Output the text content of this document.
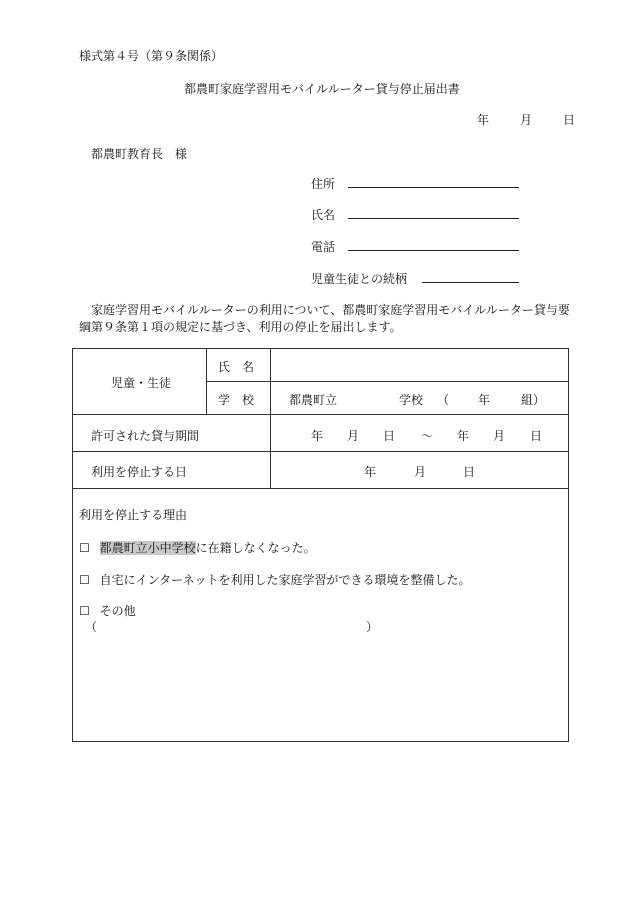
様式第４号（第９条関係）
都農町家庭学習用モバイルルーター貸与停止届出書
年	月	日
都農町教育長　様
住所
氏名
電話
児童生徒との続柄
家庭学習用モバイルルーターの利用について、都農町家庭学習用モバイルルーター貸与要
綱第９条第１項の規定に基づき、利用の停止を届出します。
児童・生徒
氏　名
学　校	都農町立	学校 （ 年	組）
許可された貸与期間	年 月 日 〜 年 月 日
利用を停止する日	年	月	日
利用を停止する理由
☐ 都農町立小中学校に在籍しなくなった。
☐ 自宅にインターネットを利用した家庭学習ができる環境を整備した。
☐ その他
（	）
